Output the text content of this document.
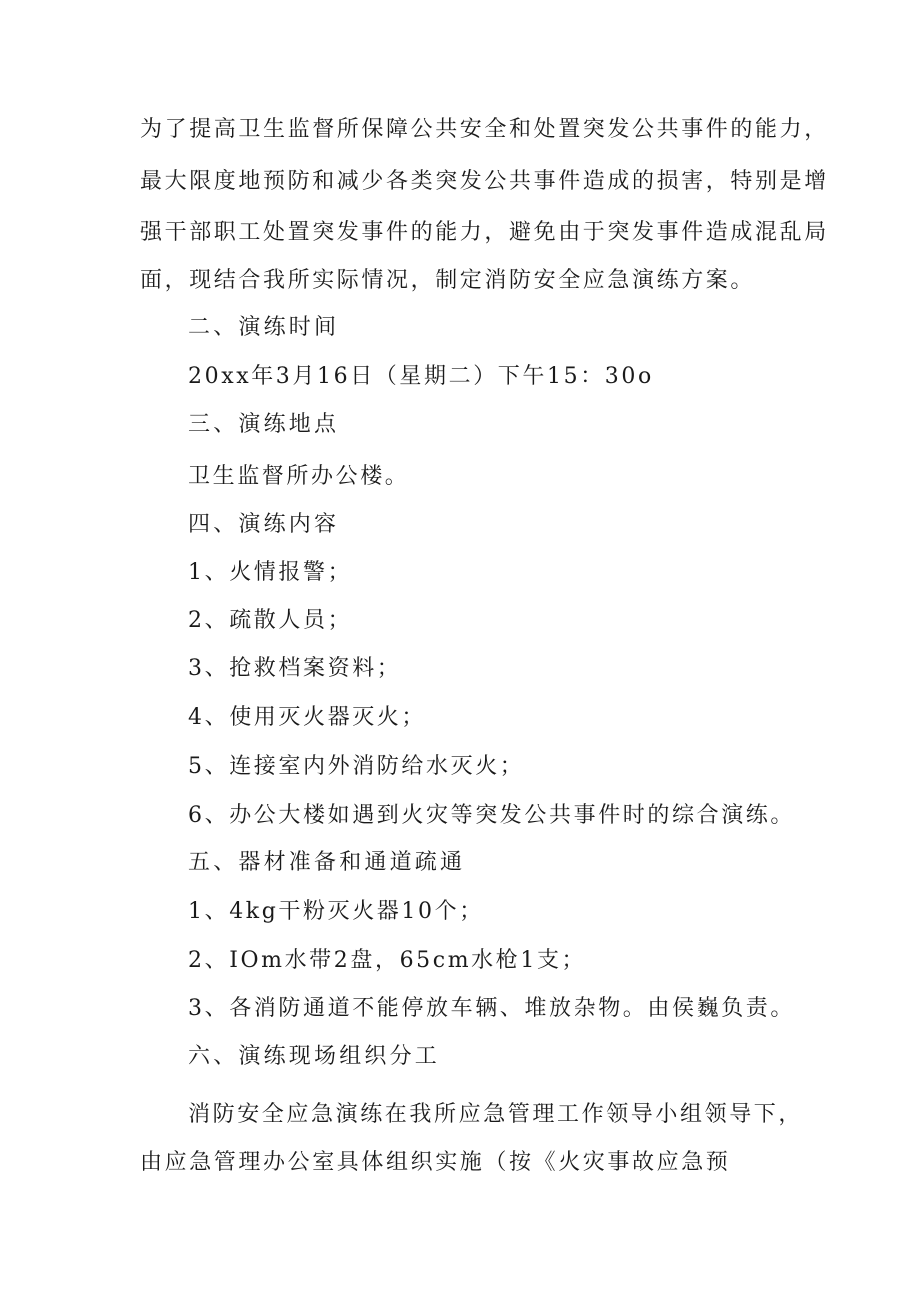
为了提高卫生监督所保障公共安全和处置突发公共事件的能力，
最大限度地预防和减少各类突发公共事件造成的损害，特别是增
强干部职工处置突发事件的能力，避免由于突发事件造成混乱局
面，现结合我所实际情况，制定消防安全应急演练方案。
二、演练时间
20xx年3月16日（星期二）下午15：30o
三、演练地点
卫生监督所办公楼。
四、演练内容
1、火情报警；
2、疏散人员；
3、抢救档案资料；
4、使用灭火器灭火；
5、连接室内外消防给水灭火；
6、办公大楼如遇到火灾等突发公共事件时的综合演练。
五、器材准备和通道疏通
1、4kg干粉灭火器10个；
2、IOm水带2盘，65cm水枪1支；
3、各消防通道不能停放车辆、堆放杂物。由侯巍负责。
六、演练现场组织分工
消防安全应急演练在我所应急管理工作领导小组领导下，
由应急管理办公室具体组织实施（按《火灾事故应急预
